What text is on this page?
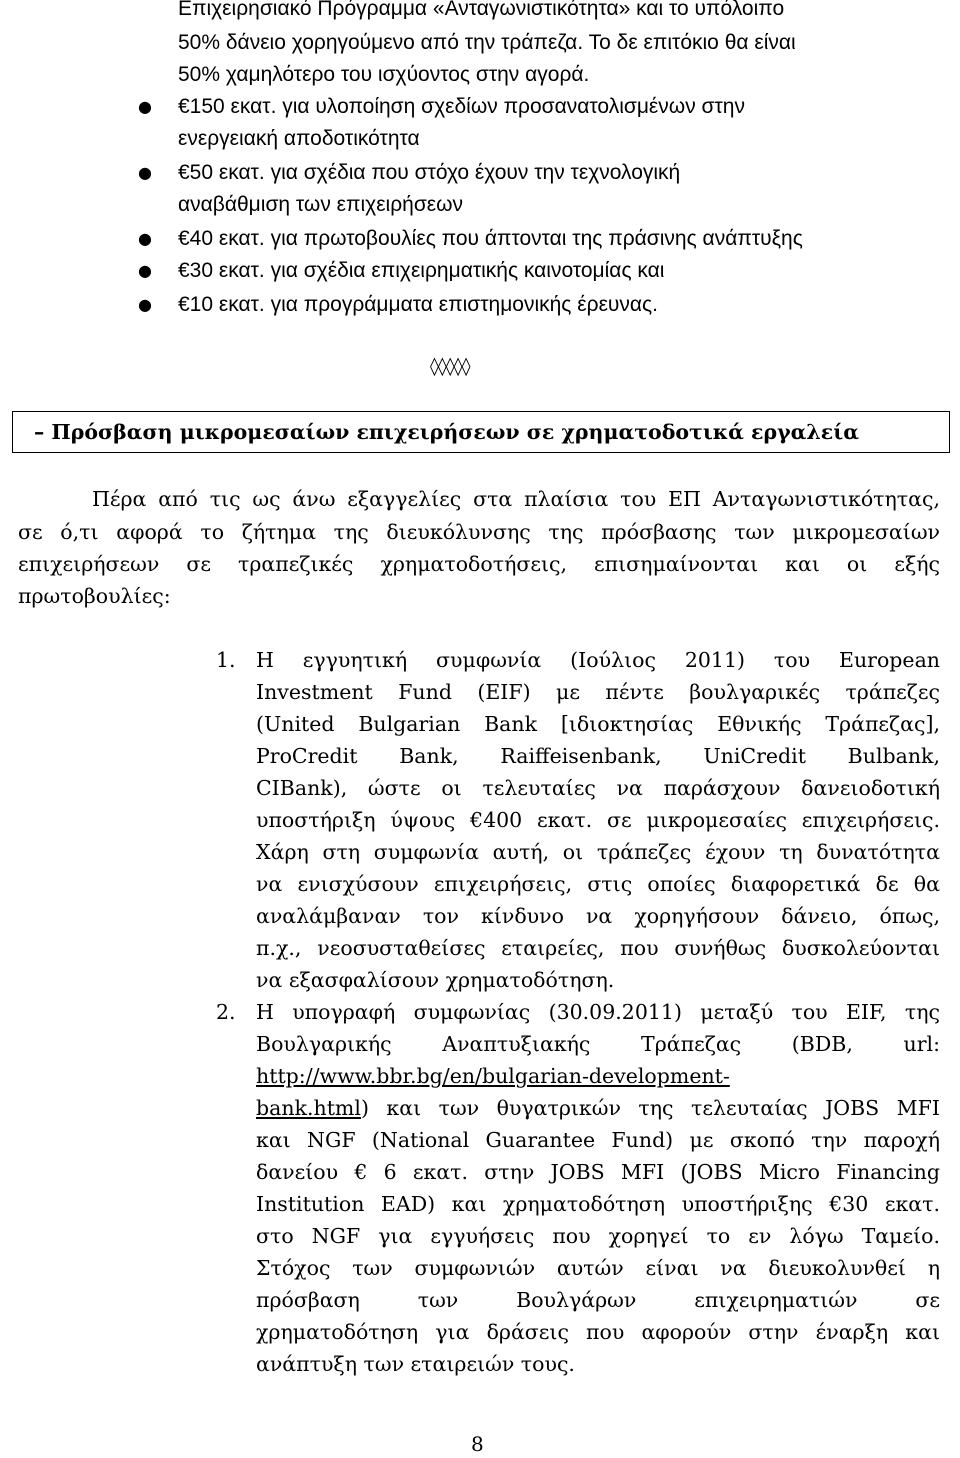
Επιχειρησιακό Πρόγραμμα «Ανταγωνιστικότητα» και το υπόλοιπο
50% δάνειο χορηγούμενο από την τράπεζα. Το δε επιτόκιο θα είναι
50% χαμηλότερο του ισχύοντος στην αγορά.
● €150 εκατ. για υλοποίηση σχεδίων προσανατολισμένων στην
ενεργειακή αποδοτικότητα
● €50 εκατ. για σχέδια που στόχο έχουν την τεχνολογική
αναβάθμιση των επιχειρήσεων
● €40 εκατ. για πρωτοβουλίες που άπτονται της πράσινης ανάπτυξης
● €30 εκατ. για σχέδια επιχειρηματικής καινοτομίας και
● €10 εκατ. για προγράμματα επιστημονικής έρευνας.
◊◊◊◊◊
– Πρόσβαση μικρομεσαίων επιχειρήσεων σε χρηματοδοτικά εργαλεία
Πέρα από τις ως άνω εξαγγελίες στα πλαίσια του ΕΠ Ανταγωνιστικότητας,
σε ό,τι αφορά το ζήτημα της διευκόλυνσης της πρόσβασης των μικρομεσαίων
επιχειρήσεων σε τραπεζικές χρηματοδοτήσεις, επισημαίνονται και οι εξής
πρωτοβουλίες:
1. Η εγγυητική συμφωνία (Ιούλιος 2011) του European
Investment Fund (EIF) με πέντε βουλγαρικές τράπεζες
(United Bulgarian Bank [ιδιοκτησίας Εθνικής Τράπεζας],
ProCredit Bank, Raiffeisenbank, UniCredit Bulbank,
CIBank), ώστε οι τελευταίες να παράσχουν δανειοδοτική
υποστήριξη ύψους €400 εκατ. σε μικρομεσαίες επιχειρήσεις.
Χάρη στη συμφωνία αυτή, οι τράπεζες έχουν τη δυνατότητα
να ενισχύσουν επιχειρήσεις, στις οποίες διαφορετικά δε θα
αναλάμβαναν τον κίνδυνο να χορηγήσουν δάνειο, όπως,
π.χ., νεοσυσταθείσες εταιρείες, που συνήθως δυσκολεύονται
να εξασφαλίσουν χρηματοδότηση.
2. Η υπογραφή συμφωνίας (30.09.2011) μεταξύ του EIF, της
Βουλγαρικής Αναπτυξιακής Τράπεζας (BDB, url:
http://www.bbr.bg/en/bulgarian-development-
bank.html ) και των θυγατρικών της τελευταίας JOBS MFI
και NGF (National Guarantee Fund) με σκοπό την παροχή
δανείου € 6 εκατ. στην JOBS MFI (JOBS Micro Financing
Institution EAD) και χρηματοδότηση υποστήριξης €30 εκατ.
στο NGF για εγγυήσεις που χορηγεί το εν λόγω Ταμείο.
Στόχος των συμφωνιών αυτών είναι να διευκολυνθεί η
πρόσβαση των Βουλγάρων επιχειρηματιών σε
χρηματοδότηση για δράσεις που αφορούν στην έναρξη και
ανάπτυξη των εταιρειών τους.
8
